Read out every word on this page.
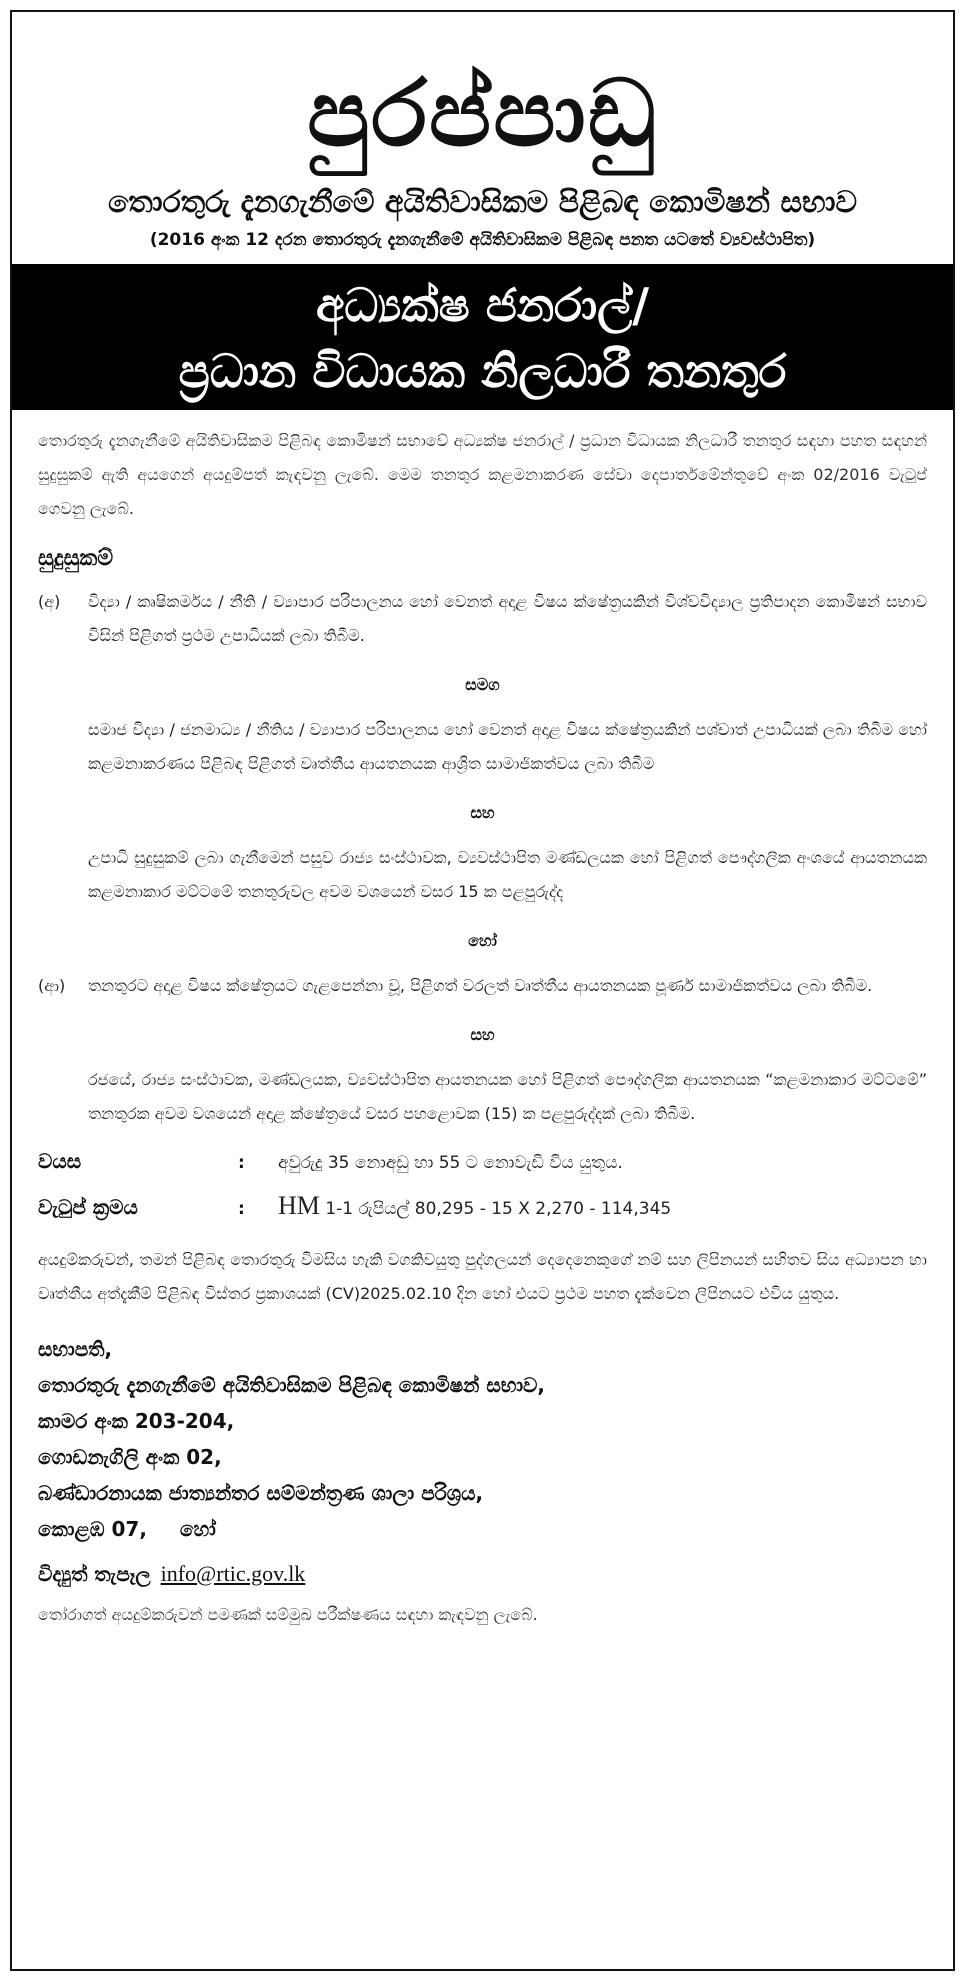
පුරප්පාඩු
තොරතුරු දැනගැනීමේ අයිතිවාසිකම පිළිබඳ කොමිෂන් සභාව
(2016 අංක 12 දරන තොරතුරු දැනගැනීමේ අයිතිවාසිකම පිළිබඳ පනත යටතේ ව්‍යවස්ථාපිත)
අධ්‍යක්ෂ ජනරාල්/
ප්‍රධාන විධායක නිලධාරී තනතුර
තොරතුරු දැනගැනීමේ අයිතිවාසිකම පිළිබඳ කොමිෂන් සභාවේ අධ්‍යක්ෂ ජනරාල් / ප්‍රධාන විධායක නිලධාරී තනතුර සඳහා පහත සඳහන් සුදුසුකම් ඇති අයගෙන් අයදුම්පත් කැඳවනු ලැබේ. මෙම තනතුර කළමනාකරණ සේවා දෙපාර්තමේන්තුවේ අංක 02/2016 වැටුප් ගෙවනු ලැබේ.
සුදුසුකම්
(අ)	විද්‍යා / කෘෂිකර්මය / නීති / ව්‍යාපාර පරිපාලනය හෝ වෙනත් අදාළ විෂය ක්ෂේත්‍රයකින් විශ්වවිද්‍යාල ප්‍රතිපාදන කොමිෂන් සභාව විසින් පිළිගත් ප්‍රථම උපාධියක් ලබා තිබීම.
සමග
සමාජ විද්‍යා / ජනමාධ්‍ය / නීතිය / ව්‍යාපාර පරිපාලනය හෝ වෙනත් අදාළ විෂය ක්ෂේත්‍රයකින් පශ්චාත් උපාධියක් ලබා තිබීම හෝ කළමනාකරණය පිළිබඳ පිළිගත් වෘත්තීය ආයතනයක ආශ්‍රිත සාමාජිකත්වය ලබා තිබීම
සහ
උපාධි සුදුසුකම් ලබා ගැනීමෙන් පසුව රාජ්‍ය සංස්ථාවක, ව්‍යවස්ථාපිත මණ්ඩලයක හෝ පිළිගත් පෞද්ගලික අංශයේ ආයතනයක කළමනාකාර මට්ටමේ තනතුරුවල අවම වශයෙන් වසර 15 ක පළපුරුද්ද
හෝ
(ආ)	තනතුරට අදාළ විෂය ක්ෂේත්‍රයට ගැළපෙන්නා වූ, පිළිගත් වරලත් වෘත්තීය ආයතනයක පූර්ණ සාමාජිකත්වය ලබා තිබීම.
සහ
රජයේ, රාජ්‍ය සංස්ථාවක, මණ්ඩලයක, ව්‍යවස්ථාපිත ආයතනයක හෝ පිළිගත් පෞද්ගලික ආයතනයක “කළමනාකාර මට්ටමේ” තනතුරක අවම වශයෙන් අදාළ ක්ෂේත්‍රයේ වසර පහළොවක (15) ක පළපුරුද්දක් ලබා තිබීම.
වයස	:	අවුරුදු 35 නොඅඩු හා 55 ට නොවැඩි විය යුතුය.
වැටුප් ක්‍රමය	:	HM 1-1 රුපියල් 80,295 - 15 X 2,270 - 114,345
අයදුම්කරුවන්, තමන් පිළිබඳ තොරතුරු විමසිය හැකි වගකිවයුතු පුද්ගලයන් දෙදෙනෙකුගේ නම් සහ ලිපිනයන් සහිතව සිය අධ්‍යාපන හා වෘත්තීය අත්දැකීම් පිළිබඳ විස්තර ප්‍රකාශයක් (CV)2025.02.10 දින හෝ එයට ප්‍රථම පහත දැක්වෙන ලිපිනයට එවිය යුතුය.
සභාපති,
තොරතුරු දැනගැනීමේ අයිතිවාසිකම පිළිබඳ කොමිෂන් සභාව,
කාමර අංක 203-204,
ගොඩනැගිලි අංක 02,
බණ්ඩාරනායක ජාත්‍යන්තර සම්මන්ත්‍රණ ශාලා පරිශ්‍රය,
කොළඹ 07, හෝ
විද්‍යුත් තැපෑල info@rtic.gov.lk
තෝරාගත් අයදුම්කරුවන් පමණක් සම්මුඛ පරීක්ෂණය සඳහා කැඳවනු ලැබේ.
